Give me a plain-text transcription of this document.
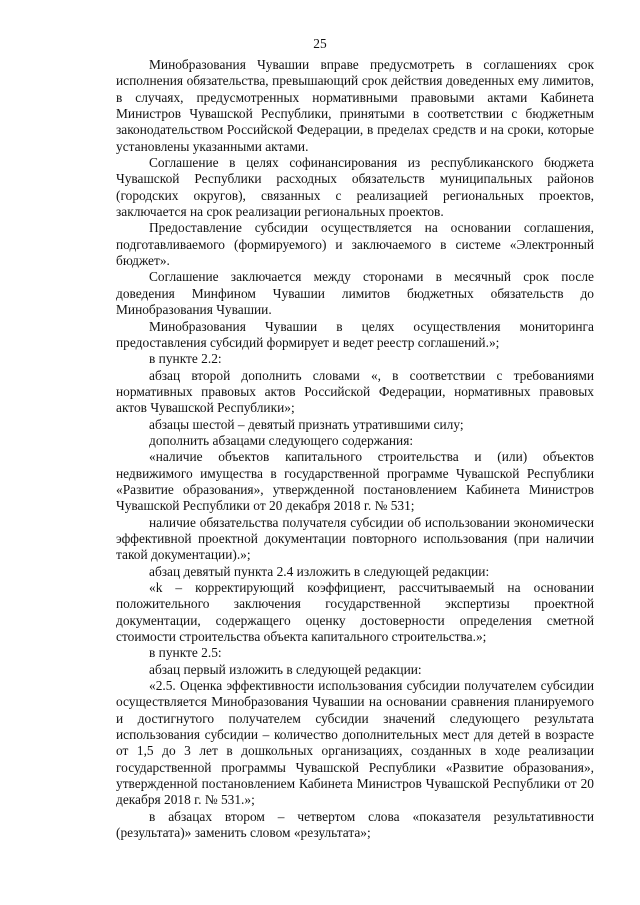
25

Минобразования Чувашии вправе предусмотреть в соглашениях срок исполнения обязательства, превышающий срок действия доведенных ему лимитов, в случаях, предусмотренных нормативными правовыми актами Кабинета Министров Чувашской Республики, принятыми в соответствии с бюджетным законодательством Российской Федерации, в пределах средств и на сроки, которые установлены указанными актами.

Соглашение в целях софинансирования из республиканского бюджета Чувашской Республики расходных обязательств муниципальных районов (городских округов), связанных с реализацией региональных проектов, заключается на срок реализации региональных проектов.

Предоставление субсидии осуществляется на основании соглашения, подготавливаемого (формируемого) и заключаемого в системе «Электронный бюджет».

Соглашение заключается между сторонами в месячный срок после доведения Минфином Чувашии лимитов бюджетных обязательств до Минобразования Чувашии.

Минобразования Чувашии в целях осуществления мониторинга предоставления субсидий формирует и ведет реестр соглашений.»;

в пункте 2.2:

абзац второй дополнить словами «, в соответствии с требованиями нормативных правовых актов Российской Федерации, нормативных правовых актов Чувашской Республики»;

абзацы шестой – девятый признать утратившими силу;

дополнить абзацами следующего содержания:

«наличие объектов капитального строительства и (или) объектов недвижимого имущества в государственной программе Чувашской Республики «Развитие образования», утвержденной постановлением Кабинета Министров Чувашской Республики от 20 декабря 2018 г. № 531;

наличие обязательства получателя субсидии об использовании экономически эффективной проектной документации повторного использования (при наличии такой документации).»;

абзац девятый пункта 2.4 изложить в следующей редакции:

«k – корректирующий коэффициент, рассчитываемый на основании положительного заключения государственной экспертизы проектной документации, содержащего оценку достоверности определения сметной стоимости строительства объекта капитального строительства.»;

в пункте 2.5:

абзац первый изложить в следующей редакции:

«2.5. Оценка эффективности использования субсидии получателем субсидии осуществляется Минобразования Чувашии на основании сравнения планируемого и достигнутого получателем субсидии значений следующего результата использования субсидии – количество дополнительных мест для детей в возрасте от 1,5 до 3 лет в дошкольных организациях, созданных в ходе реализации государственной программы Чувашской Республики «Развитие образования», утвержденной постановлением Кабинета Министров Чувашской Республики от 20 декабря 2018 г. № 531.»;

в абзацах втором – четвертом слова «показателя результативности (результата)» заменить словом «результата»;
